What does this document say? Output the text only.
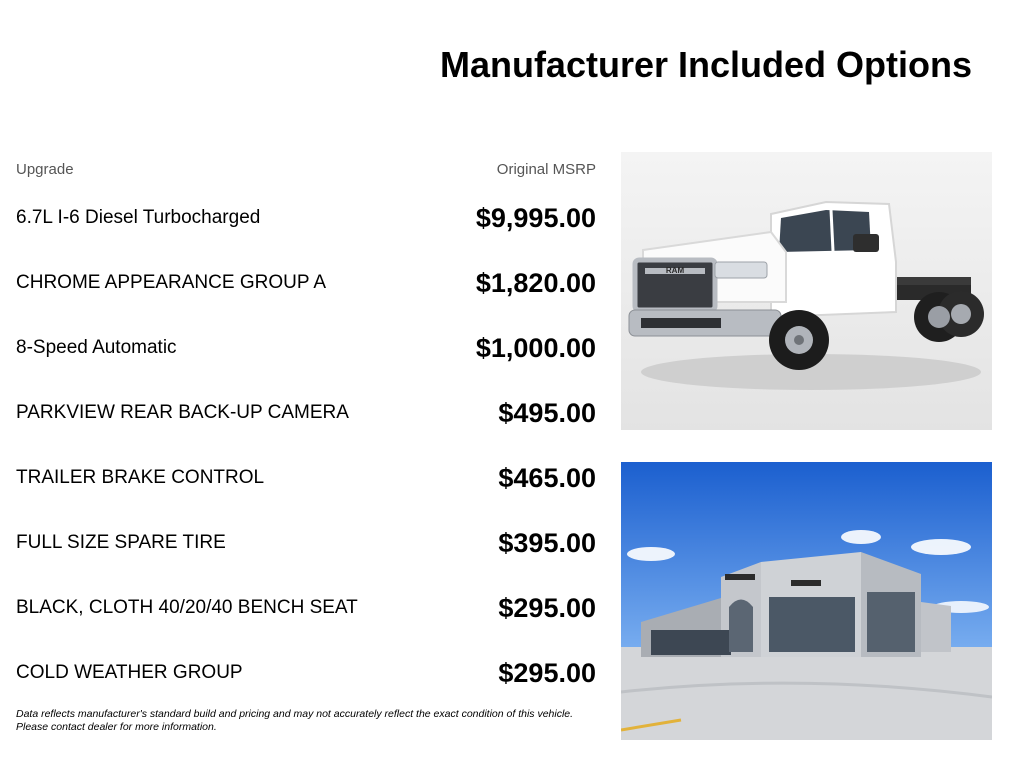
Manufacturer Included Options
Upgrade	Original MSRP
6.7L I-6 Diesel Turbocharged	$9,995.00
CHROME APPEARANCE GROUP A	$1,820.00
8-Speed Automatic	$1,000.00
PARKVIEW REAR BACK-UP CAMERA	$495.00
TRAILER BRAKE CONTROL	$465.00
FULL SIZE SPARE TIRE	$395.00
BLACK, CLOTH 40/20/40 BENCH SEAT	$295.00
COLD WEATHER GROUP	$295.00
Data reflects manufacturer's standard build and pricing and may not accurately reflect the exact condition of this vehicle.
Please contact dealer for more information.
RAM
